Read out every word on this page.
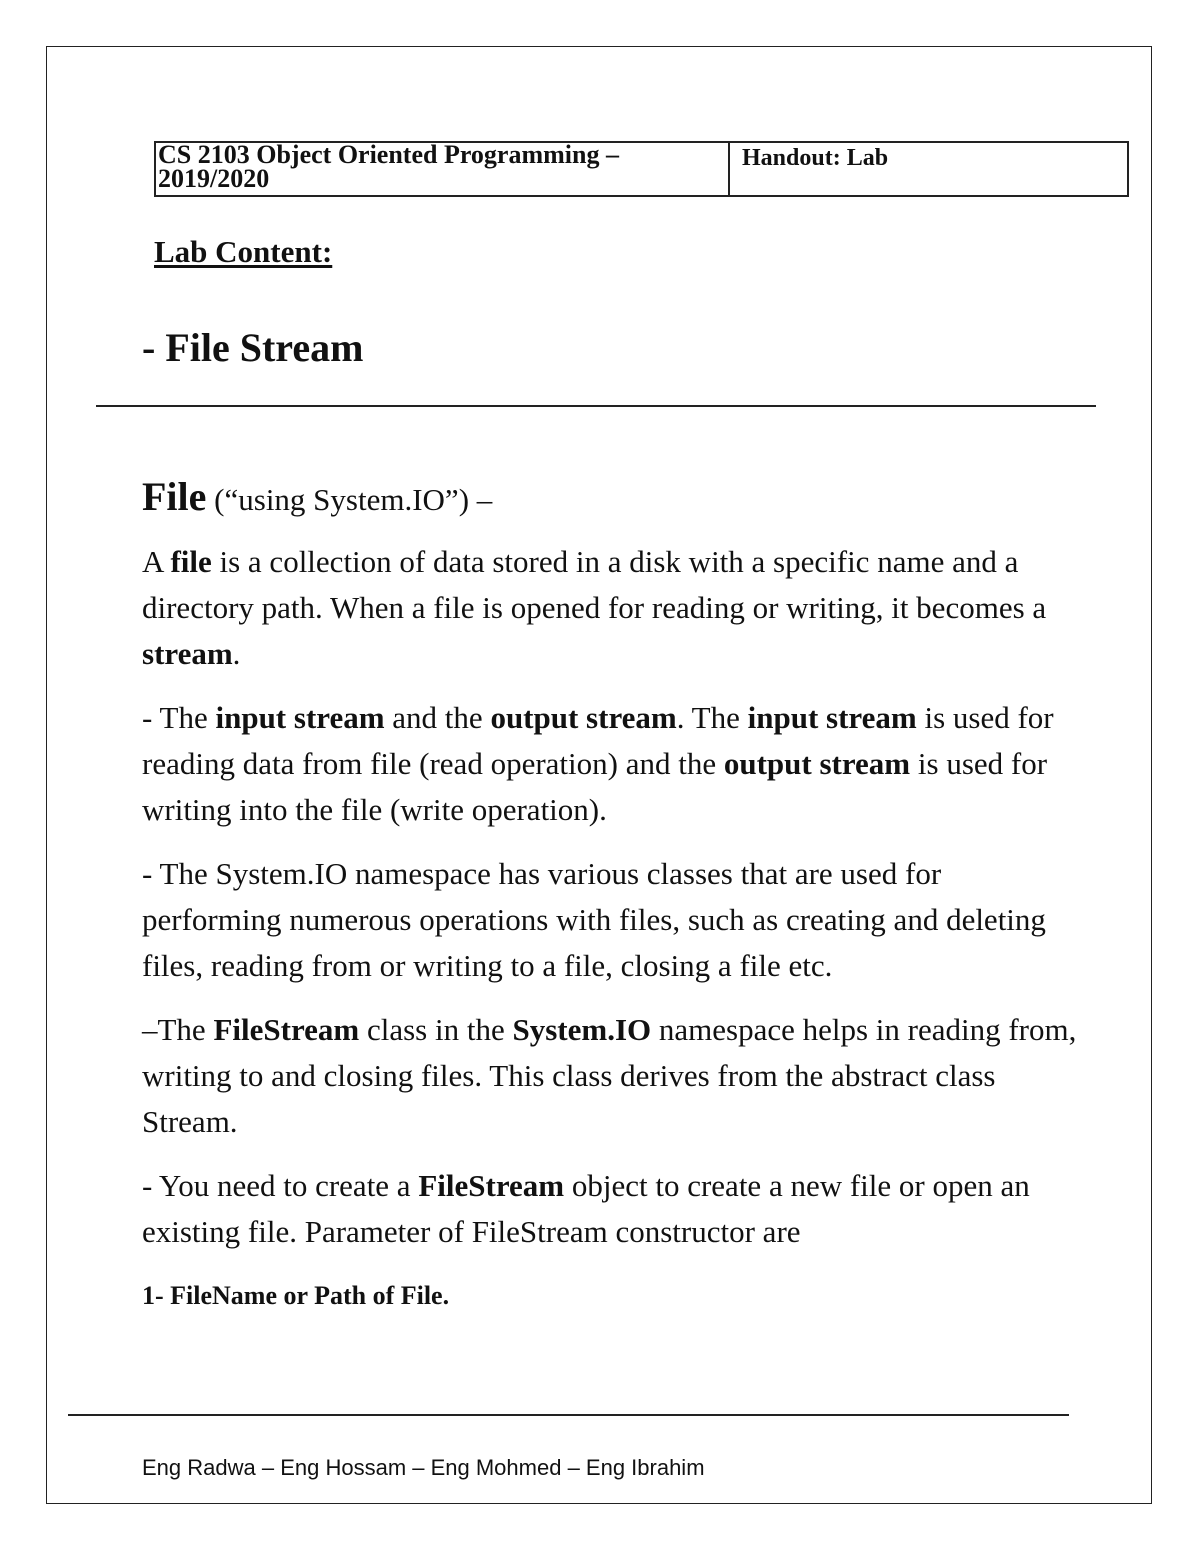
CS 2103 Object Oriented Programming – 2019/2020
Handout: Lab
Lab Content:
- File Stream
File (“using System.IO”) –

A file is a collection of data stored in a disk with a specific name and a directory path. When a file is opened for reading or writing, it becomes a stream.

- The input stream and the output stream. The input stream is used for reading data from file (read operation) and the output stream is used for writing into the file (write operation).

- The System.IO namespace has various classes that are used for performing numerous operations with files, such as creating and deleting files, reading from or writing to a file, closing a file etc.

–The FileStream class in the System.IO namespace helps in reading from, writing to and closing files. This class derives from the abstract class Stream.

- You need to create a FileStream object to create a new file or open an existing file. Parameter of FileStream constructor are

1- FileName or Path of File.
Eng Radwa – Eng Hossam – Eng Mohmed – Eng Ibrahim
